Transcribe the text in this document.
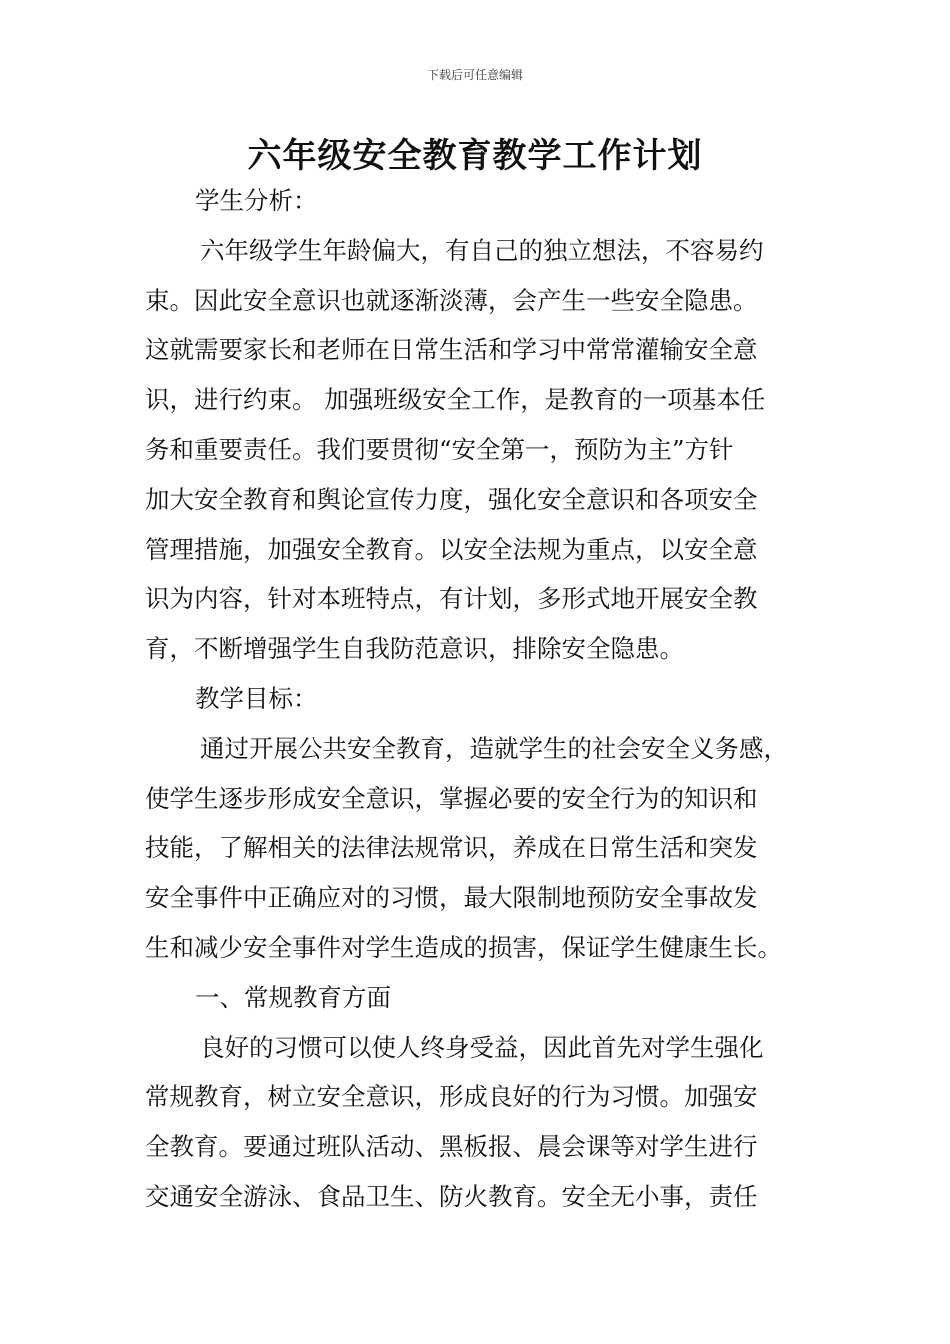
下载后可任意编辑
六年级安全教育教学工作计划
学生分析：
六年级学生年龄偏大，有自己的独立想法，不容易约
束。因此安全意识也就逐渐淡薄，会产生一些安全隐患。
这就需要家长和老师在日常生活和学习中常常灌输安全意
识，进行约束。 加强班级安全工作，是教育的一项基本任
务和重要责任。我们要贯彻“安全第一，预防为主”方针
加大安全教育和舆论宣传力度，强化安全意识和各项安全
管理措施，加强安全教育。以安全法规为重点，以安全意
识为内容，针对本班特点，有计划，多形式地开展安全教
育，不断增强学生自我防范意识，排除安全隐患。
教学目标：
通过开展公共安全教育，造就学生的社会安全义务感，
使学生逐步形成安全意识，掌握必要的安全行为的知识和
技能，了解相关的法律法规常识，养成在日常生活和突发
安全事件中正确应对的习惯，最大限制地预防安全事故发
生和减少安全事件对学生造成的损害，保证学生健康生长。
一、常规教育方面
良好的习惯可以使人终身受益，因此首先对学生强化
常规教育，树立安全意识，形成良好的行为习惯。加强安
全教育。要通过班队活动、黑板报、晨会课等对学生进行
交通安全游泳、食品卫生、防火教育。安全无小事，责任
